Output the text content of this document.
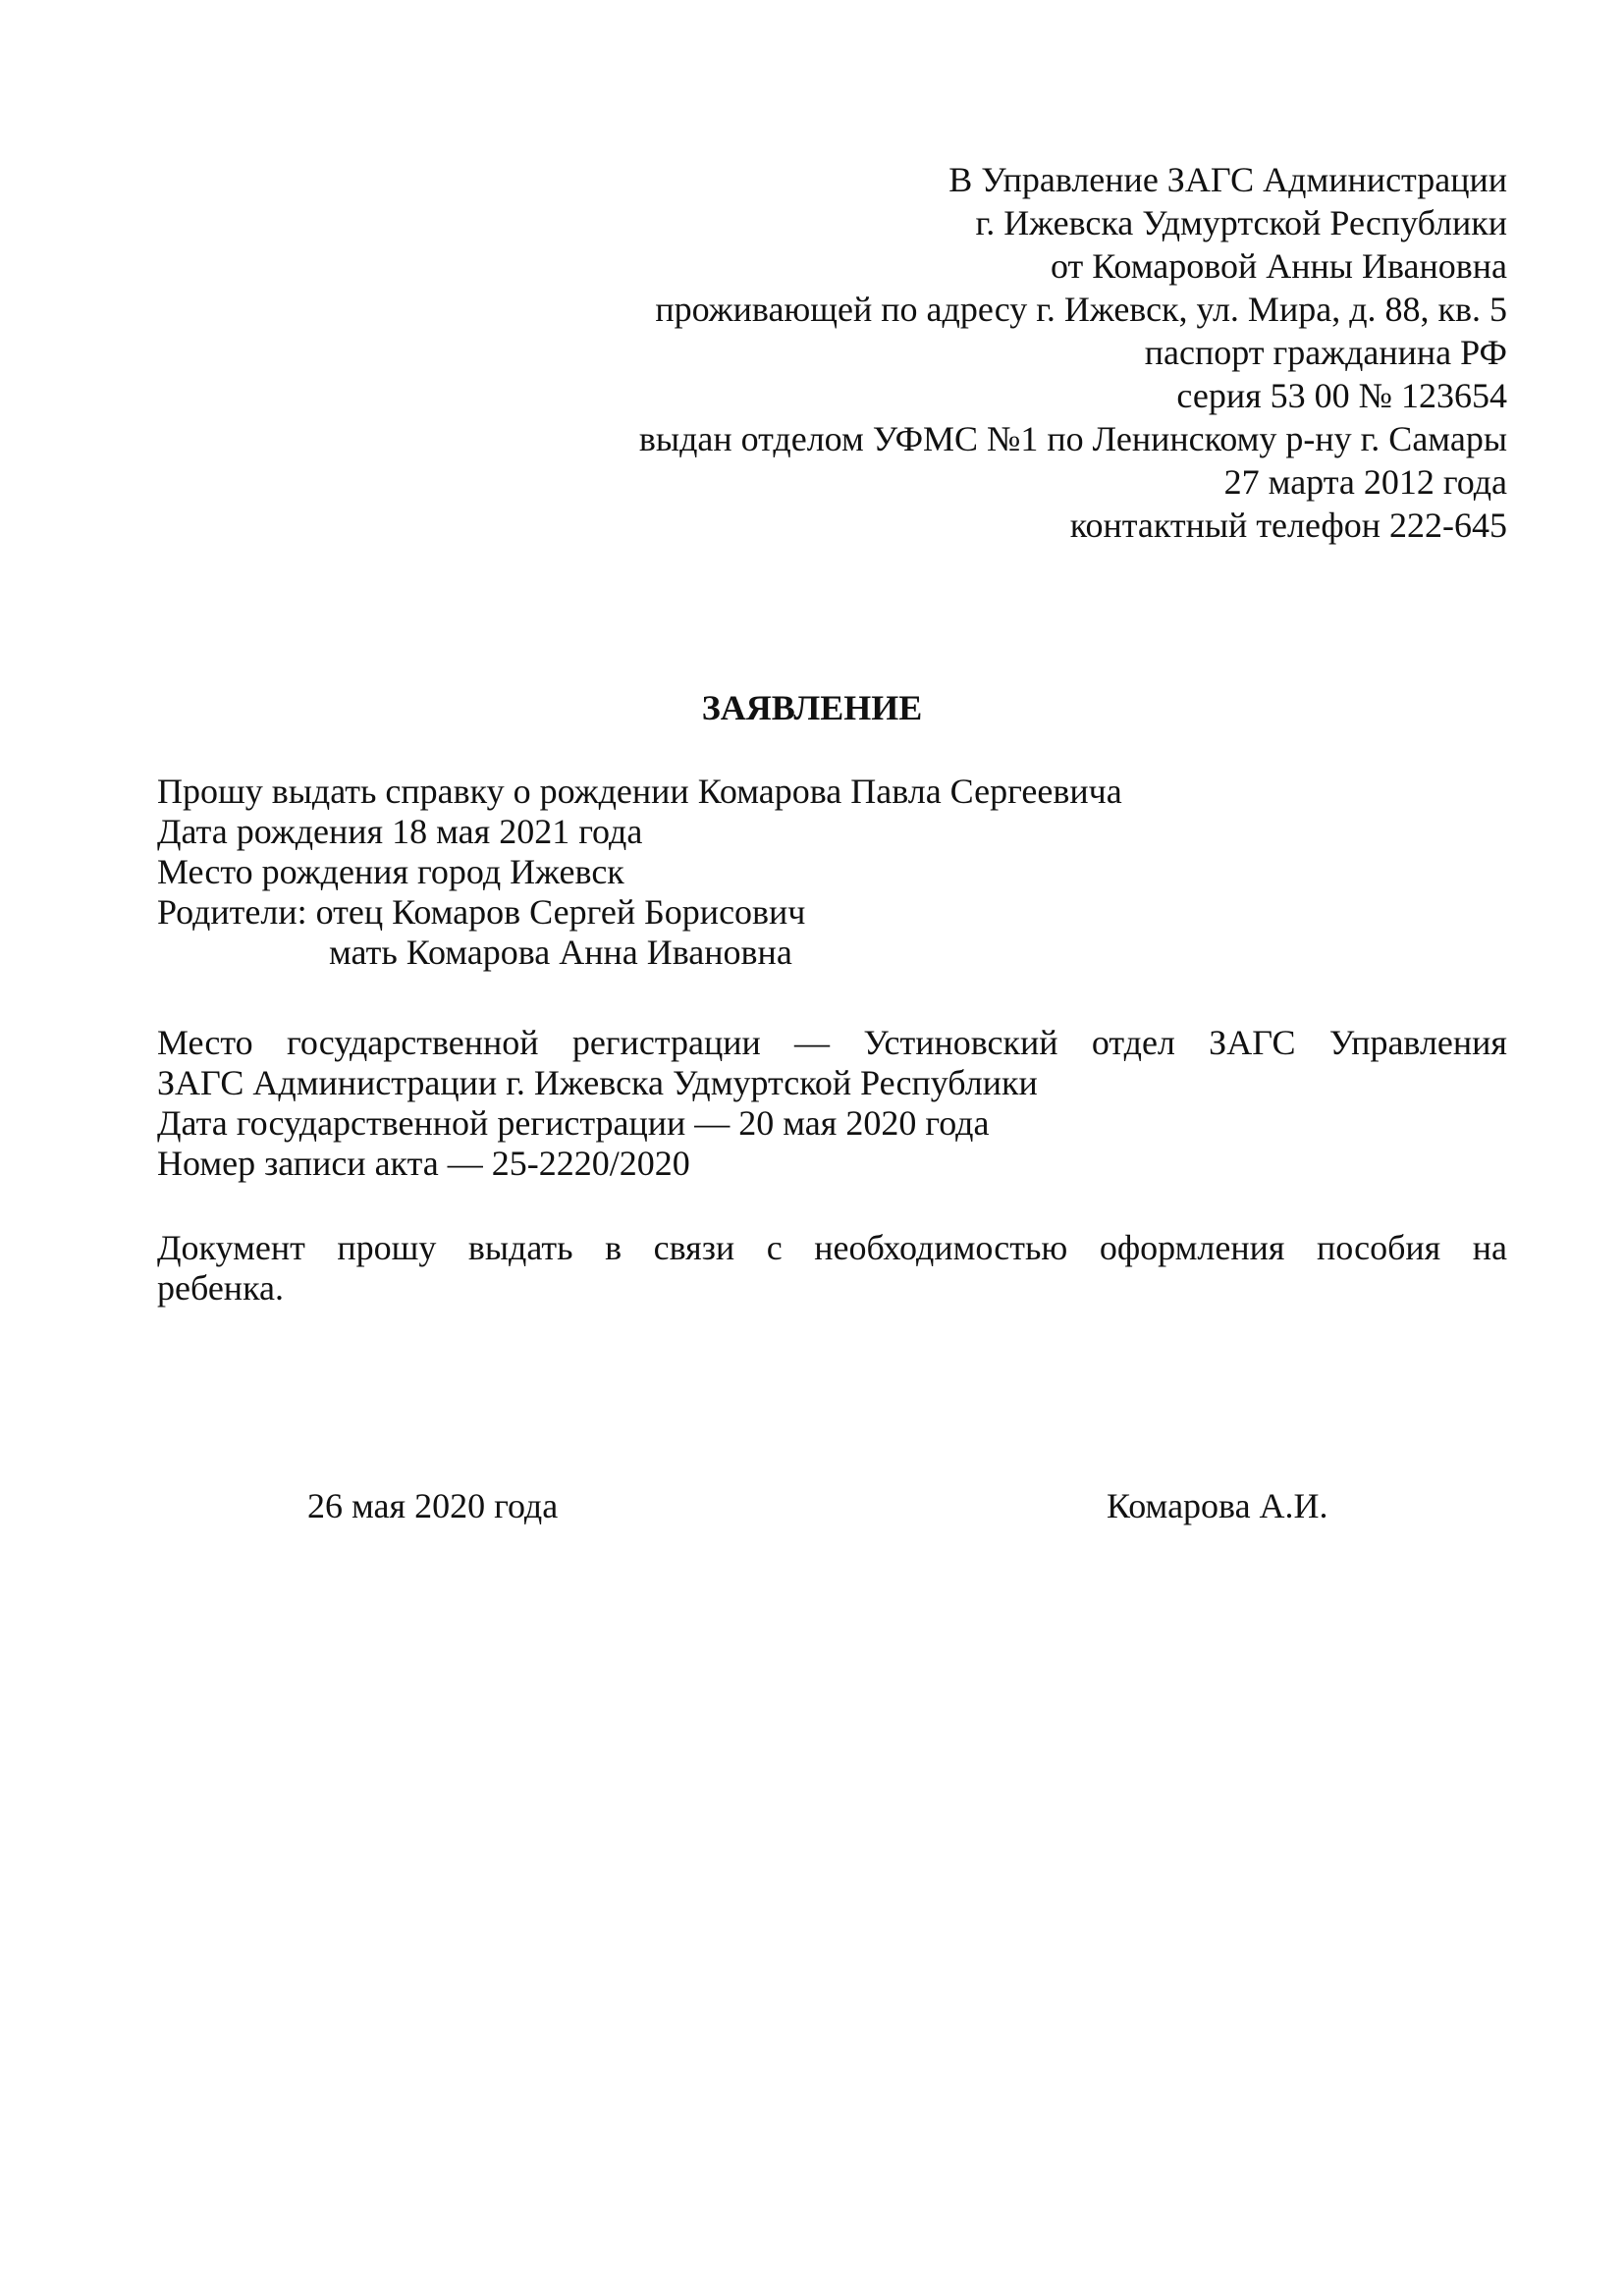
В Управление ЗАГС Администрации
г. Ижевска Удмуртской Республики
от Комаровой Анны Ивановна
проживающей по адресу г. Ижевск, ул. Мира, д. 88, кв. 5
паспорт гражданина РФ
серия 53 00 № 123654
выдан отделом УФМС №1 по Ленинскому р-ну г. Самары
27 марта 2012 года
контактный телефон 222-645
ЗАЯВЛЕНИЕ
Прошу выдать справку о рождении Комарова Павла Сергеевича
Дата рождения 18 мая 2021 года
Место рождения город Ижевск
Родители: отец Комаров Сергей Борисович
мать Комарова Анна Ивановна
Место государственной регистрации — Устиновский отдел ЗАГС Управления
ЗАГС Администрации г. Ижевска Удмуртской Республики
Дата государственной регистрации — 20 мая 2020 года
Номер записи акта — 25-2220/2020
Документ прошу выдать в связи с необходимостью оформления пособия на
ребенка.
26 мая 2020 года	Комарова А.И.
